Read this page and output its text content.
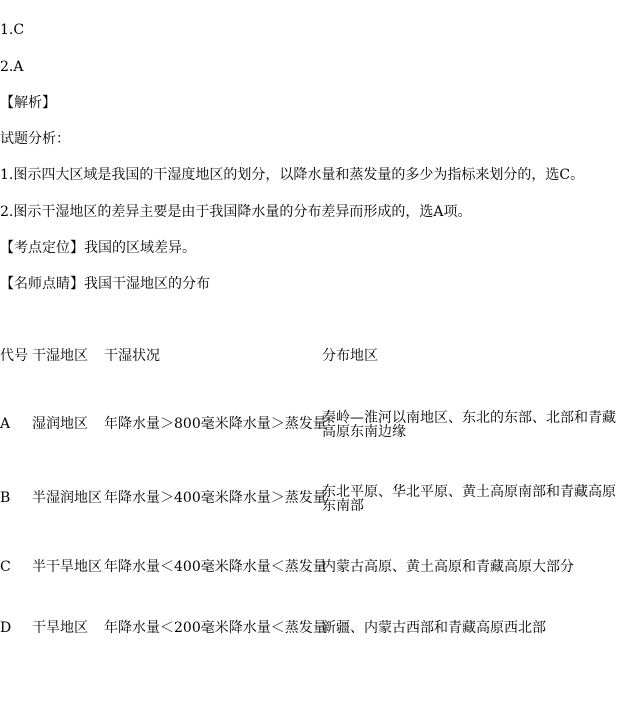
1.C
2.A
【解析】
试题分析：
1.图示四大区域是我国的干湿度地区的划分，以降水量和蒸发量的多少为指标来划分的，选C。
2.图示干湿地区的差异主要是由于我国降水量的分布差异而形成的，选A项。
【考点定位】我国的区域差异。
【名师点睛】我国干湿地区的分布
代号 干湿地区 干湿状况	分布地区
A 湿润地区 年降水量＞800毫米降水量＞蒸发量
秦岭—淮河以南地区、东北的东部、北部和青藏高原东南边缘
B 半湿润地区 年降水量＞400毫米降水量＞蒸发量
东北平原、华北平原、黄土高原南部和青藏高原东南部
C 半干旱地区 年降水量＜400毫米降水量＜蒸发量
内蒙古高原、黄土高原和青藏高原大部分
D 干旱地区 年降水量＜200毫米降水量＜蒸发量
新疆、内蒙古西部和青藏高原西北部
